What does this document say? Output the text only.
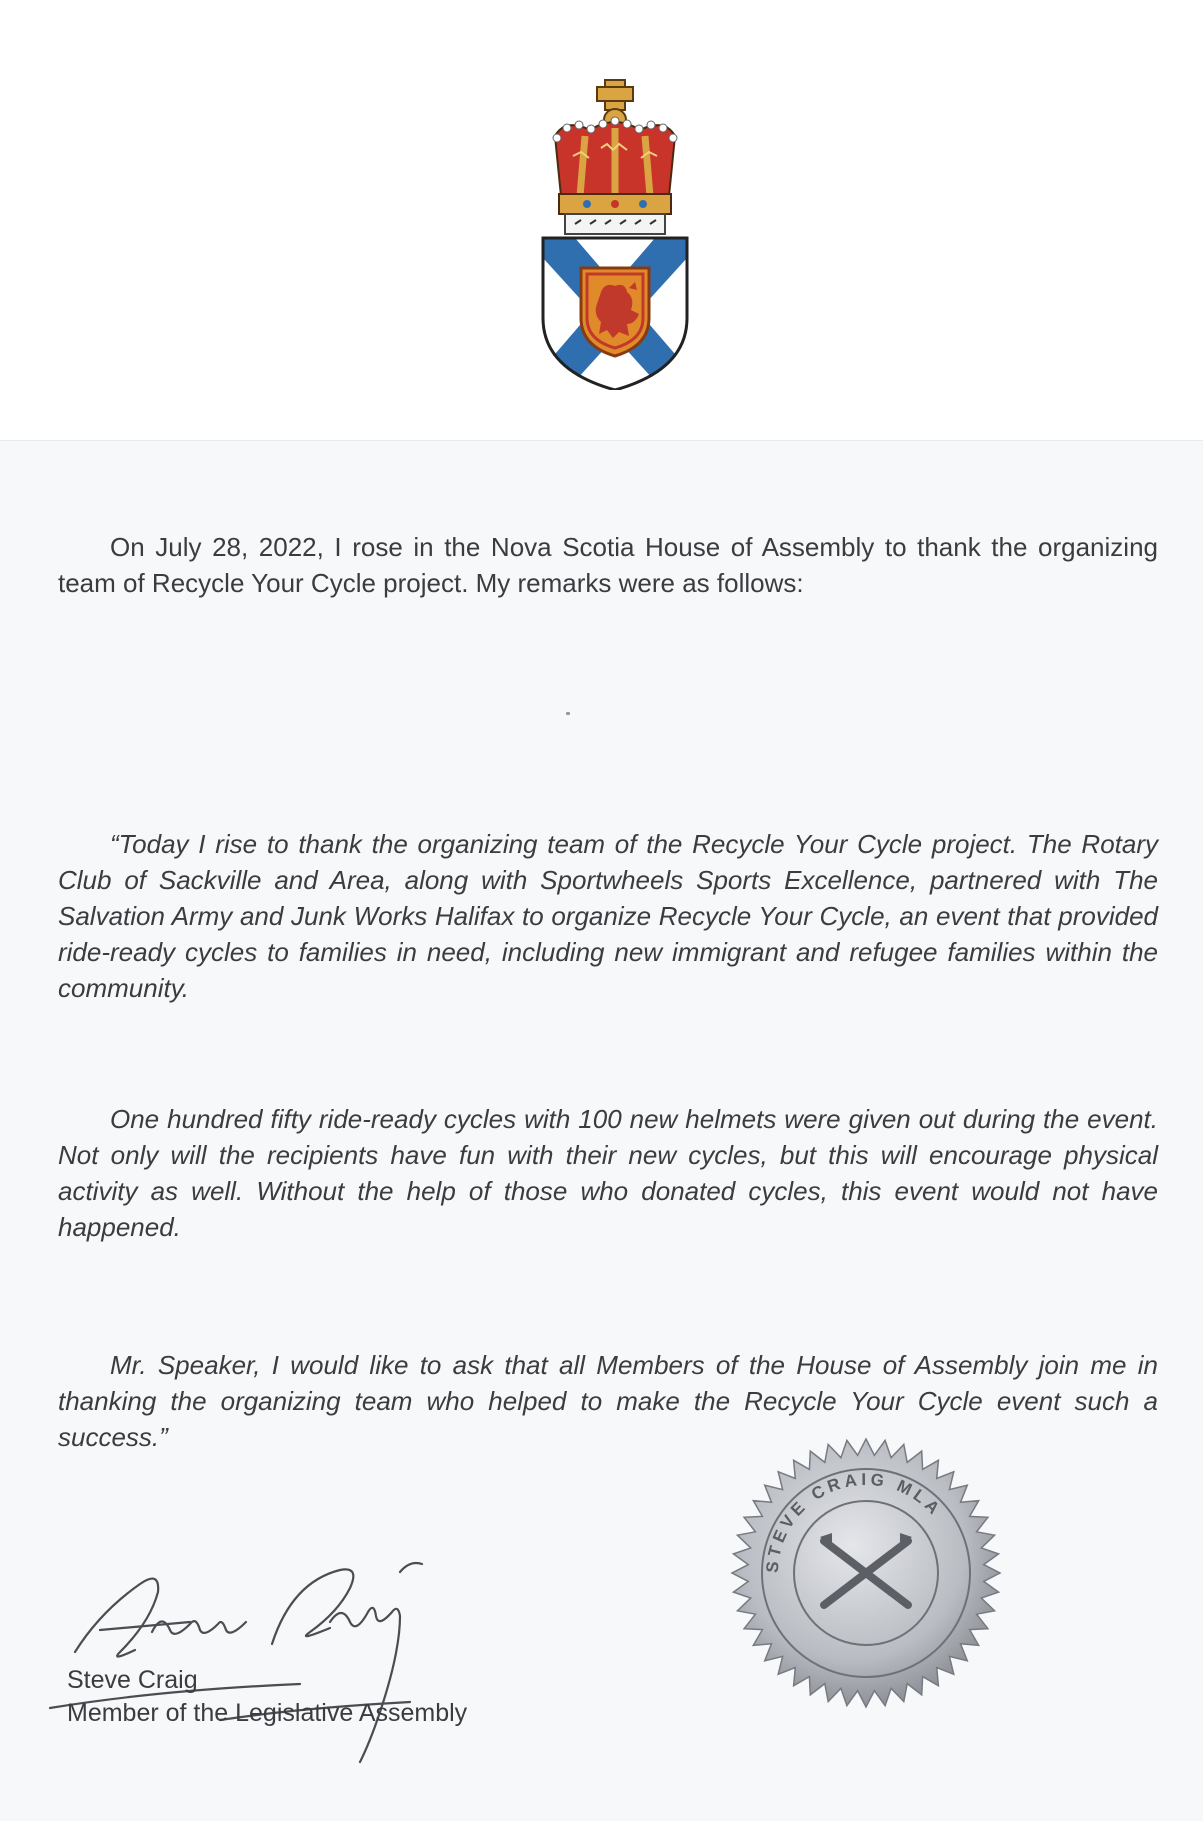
On July 28, 2022, I rose in the Nova Scotia House of Assembly to thank the organizing team of Recycle Your Cycle project. My remarks were as follows:

“Today I rise to thank the organizing team of the Recycle Your Cycle project. The Rotary Club of Sackville and Area, along with Sportwheels Sports Excellence, partnered with The Salvation Army and Junk Works Halifax to organize Recycle Your Cycle, an event that provided ride-ready cycles to families in need, including new immigrant and refugee families within the community.

One hundred fifty ride-ready cycles with 100 new helmets were given out during the event. Not only will the recipients have fun with their new cycles, but this will encourage physical activity as well. Without the help of those who donated cycles, this event would not have happened.

Mr. Speaker, I would like to ask that all Members of the House of Assembly join me in thanking the organizing team who helped to make the Recycle Your Cycle event such a success.”

Steve Craig

Member of the Legislative Assembly

STEVE CRAIG MLA
